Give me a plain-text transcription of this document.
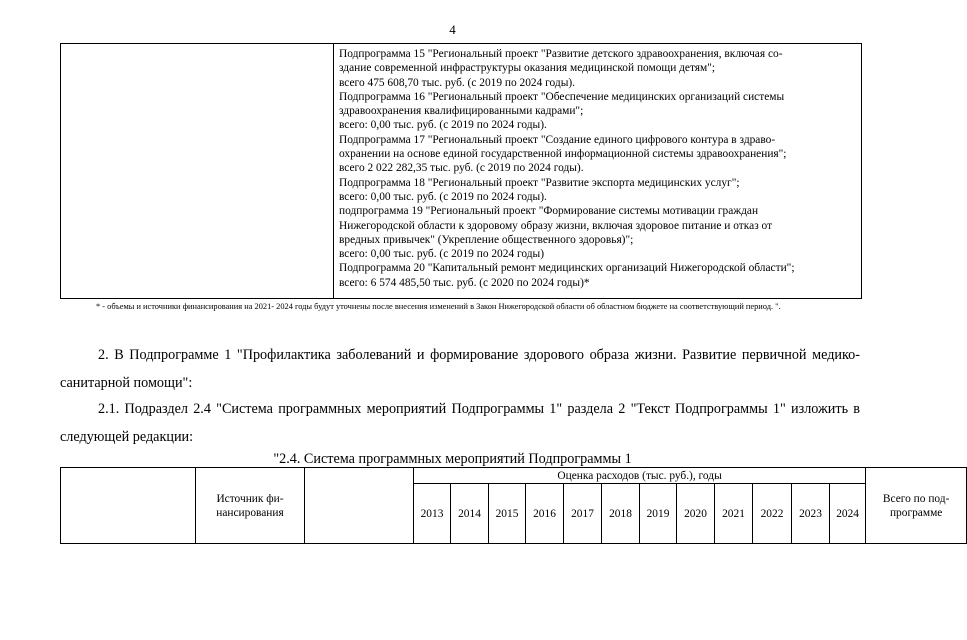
4

Подпрограмма 15 "Региональный проект "Развитие детского здравоохранения, включая со-
здание современной инфраструктуры оказания медицинской помощи детям";
всего 475 608,70 тыс. руб. (с 2019 по 2024 годы).
Подпрограмма 16 "Региональный проект "Обеспечение медицинских организаций системы
здравоохранения квалифицированными кадрами";
всего: 0,00 тыс. руб. (с 2019 по 2024 годы).
Подпрограмма 17 "Региональный проект "Создание единого цифрового контура в здраво-
охранении на основе единой государственной информационной системы здравоохранения";
всего 2 022 282,35 тыс. руб. (с 2019 по 2024 годы).
Подпрограмма 18 "Региональный проект "Развитие экспорта медицинских услуг";
всего: 0,00 тыс. руб. (с 2019 по 2024 годы).
подпрограмма 19 "Региональный проект "Формирование системы мотивации граждан
Нижегородской области к здоровому образу жизни, включая здоровое питание и отказ от
вредных привычек" (Укрепление общественного здоровья)";
всего: 0,00 тыс. руб. (с 2019 по 2024 годы)
Подпрограмма 20 "Капитальный ремонт медицинских организаций Нижегородской области";
всего: 6 574 485,50 тыс. руб. (с 2020 по 2024 годы)*
* - объемы и источники финансирования на 2021- 2024 годы будут уточнены после внесения изменений в Закон Нижегородской области об областном бюджете на соответствующий период. ".
2. В Подпрограмме 1 "Профилактика заболеваний и формирование здорового образа жизни. Развитие первичной медико-санитарной помощи":
2.1. Подраздел 2.4 "Система программных мероприятий Подпрограммы 1" раздела 2 "Текст Подпрограммы 1" изложить в следующей редакции:
"2.4. Система программных мероприятий Подпрограммы 1
	Источник фи-нансирования		Оценка расходов (тыс. руб.), годы												Всего по под-программе
			2013	2014	2015	2016	2017	2018	2019	2020	2021	2022	2023	2024	
